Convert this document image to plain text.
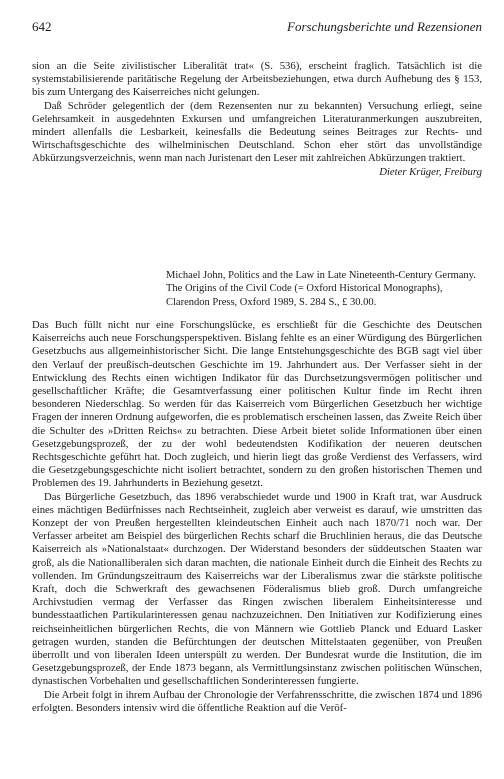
642	Forschungsberichte und Rezensionen

sion an die Seite zivilistischer Liberalität trat« (S. 536), erscheint fraglich. Tatsächlich ist die systemstabilisierende paritätische Regelung der Arbeitsbeziehungen, etwa durch Aufhebung des § 153, bis zum Untergang des Kaiserreiches nicht gelungen.

Daß Schröder gelegentlich der (dem Rezensenten nur zu bekannten) Versuchung erliegt, seine Gelehrsamkeit in ausgedehnten Exkursen und umfangreichen Literaturanmerkungen auszubreiten, mindert allenfalls die Lesbarkeit, keinesfalls die Bedeutung seines Beitrages zur Rechts- und Wirtschaftsgeschichte des wilhelminischen Deutschland. Schon eher stört das unvollständige Abkürzungsverzeichnis, wenn man nach Juristenart den Leser mit zahlreichen Abkürzungen traktiert.
Dieter Krüger, Freiburg

Michael John, Politics and the Law in Late Nineteenth-Century Germany. The Origins of the Civil Code (= Oxford Historical Monographs), Clarendon Press, Oxford 1989, S. 284 S., £ 30.00.

Das Buch füllt nicht nur eine Forschungslücke, es erschließt für die Geschichte des Deutschen Kaiserreichs auch neue Forschungsperspektiven. Bislang fehlte es an einer Würdigung des Bürgerlichen Gesetzbuchs aus allgemeinhistorischer Sicht. Die lange Entstehungsgeschichte des BGB sagt viel über den Verlauf der preußisch-deutschen Geschichte im 19. Jahrhundert aus. Der Verfasser sieht in der Entwicklung des Rechts einen wichtigen Indikator für das Durchsetzungsvermögen politischer und gesellschaftlicher Kräfte; die Gesamtverfassung einer politischen Kultur finde im Recht ihren besonderen Niederschlag. So werden für das Kaiserreich vom Bürgerlichen Gesetzbuch her wichtige Fragen der inneren Ordnung aufgeworfen, die es problematisch erscheinen lassen, das Zweite Reich über die Schulter des »Dritten Reichs« zu betrachten. Diese Arbeit bietet solide Informationen über einen Gesetzgebungsprozeß, der zu der wohl bedeutendsten Kodifikation der neueren deutschen Rechtsgeschichte geführt hat. Doch zugleich, und hierin liegt das große Verdienst des Verfassers, wird die Gesetzgebungsgeschichte nicht isoliert betrachtet, sondern zu den großen historischen Themen und Problemen des 19. Jahrhunderts in Beziehung gesetzt.

Das Bürgerliche Gesetzbuch, das 1896 verabschiedet wurde und 1900 in Kraft trat, war Ausdruck eines mächtigen Bedürfnisses nach Rechtseinheit, zugleich aber verweist es darauf, wie umstritten das Konzept der von Preußen hergestellten kleindeutschen Einheit auch nach 1870/71 noch war. Der Verfasser arbeitet am Beispiel des bürgerlichen Rechts scharf die Bruchlinien heraus, die das Deutsche Kaiserreich als »Nationalstaat« durchzogen. Der Widerstand besonders der süddeutschen Staaten war groß, als die Nationalliberalen sich daran machten, die nationale Einheit durch die Einheit des Rechts zu vollenden. Im Gründungszeitraum des Kaiserreichs war der Liberalismus zwar die stärkste politische Kraft, doch die Schwerkraft des gewachsenen Föderalismus blieb groß. Durch umfangreiche Archivstudien vermag der Verfasser das Ringen zwischen liberalem Einheitsinteresse und bundesstaatlichen Partikularinteressen genau nachzuzeichnen. Den Initiativen zur Kodifizierung eines reichseinheitlichen bürgerlichen Rechts, die von Männern wie Gottlieb Planck und Eduard Lasker getragen wurden, standen die Befürchtungen der deutschen Mittelstaaten gegenüber, von Preußen überrollt und von liberalen Ideen unterspült zu werden. Der Bundesrat wurde die Institution, die im Gesetzgebungsprozeß, der Ende 1873 begann, als Vermittlungsinstanz zwischen politischen Wünschen, dynastischen Vorbehalten und gesellschaftlichen Sonderinteressen fungierte.

Die Arbeit folgt in ihrem Aufbau der Chronologie der Verfahrensschritte, die zwischen 1874 und 1896 erfolgten. Besonders intensiv wird die öffentliche Reaktion auf die Veröf-
